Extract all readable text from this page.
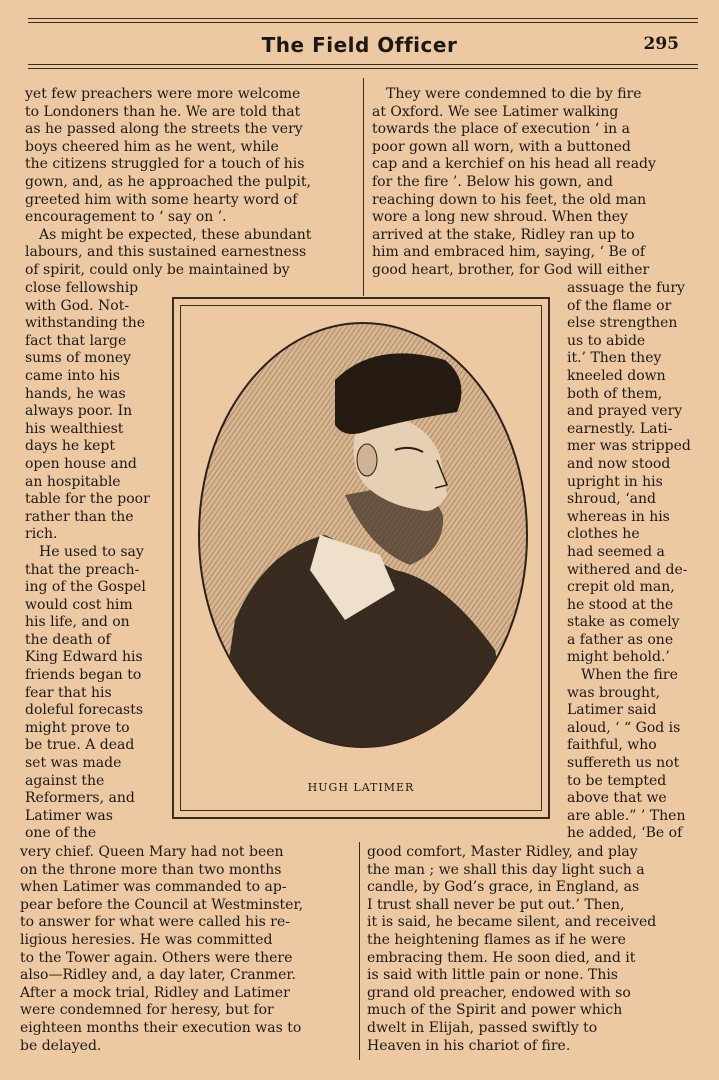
The Field Officer	295

yet few preachers were more welcome

to Londoners than he. We are told that

as he passed along the streets the very

boys cheered him as he went, while

the citizens struggled for a touch of his

gown, and, as he approached the pulpit,

greeted him with some hearty word of

encouragement to ‘ say on ’.

As might be expected, these abundant

labours, and this sustained earnestness

of spirit, could only be maintained by

close fellowship

with God. Not-

withstanding the

fact that large

sums of money

came into his

hands, he was

always poor. In

his wealthiest

days he kept

open house and

an hospitable

table for the poor

rather than the

rich.

He used to say

that the preach-

ing of the Gospel

would cost him

his life, and on

the death of

King Edward his

friends began to

fear that his

doleful forecasts

might prove to

be true. A dead

set was made

against the

Reformers, and

Latimer was

one of the

very chief. Queen Mary had not been

on the throne more than two months

when Latimer was commanded to ap-

pear before the Council at Westminster,

to answer for what were called his re-

ligious heresies. He was committed

to the Tower again. Others were there

also—Ridley and, a day later, Cranmer.

After a mock trial, Ridley and Latimer

were condemned for heresy, but for

eighteen months their execution was to

be delayed.

They were condemned to die by fire

at Oxford. We see Latimer walking

towards the place of execution ‘ in a

poor gown all worn, with a buttoned

cap and a kerchief on his head all ready

for the fire ’. Below his gown, and

reaching down to his feet, the old man

wore a long new shroud. When they

arrived at the stake, Ridley ran up to

him and embraced him, saying, ‘ Be of

good heart, brother, for God will either

assuage the fury

of the flame or

else strengthen

us to abide

it.’ Then they

kneeled down

both of them,

and prayed very

earnestly. Lati-

mer was stripped

and now stood

upright in his

shroud, ‘and

whereas in his

clothes he

had seemed a

withered and de-

crepit old man,

he stood at the

stake as comely

a father as one

might behold.’

When the fire

was brought,

Latimer said

aloud, ‘ “ God is

faithful, who

suffereth us not

to be tempted

above that we

are able.” ’ Then

he added, ‘Be of

good comfort, Master Ridley, and play

the man ; we shall this day light such a

candle, by God’s grace, in England, as

I trust shall never be put out.’ Then,

it is said, he became silent, and received

the heightening flames as if he were

embracing them. He soon died, and it

is said with little pain or none. This

grand old preacher, endowed with so

much of the Spirit and power which

dwelt in Elijah, passed swiftly to

Heaven in his chariot of fire.

HUGH LATIMER
